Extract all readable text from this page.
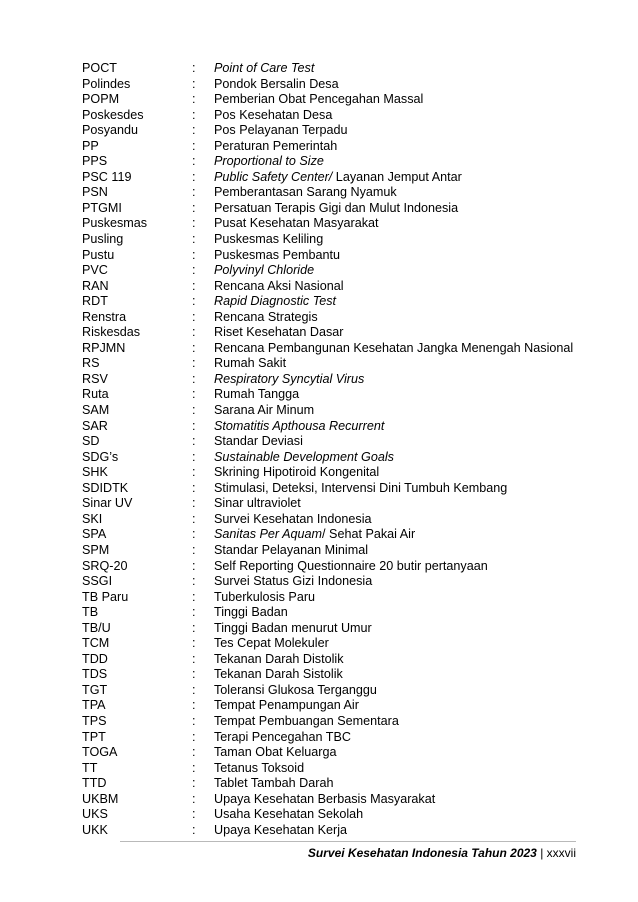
POCT	: Point of Care Test
Polindes	: Pondok Bersalin Desa
POPM	: Pemberian Obat Pencegahan Massal
Poskesdes	: Pos Kesehatan Desa
Posyandu	: Pos Pelayanan Terpadu
PP	: Peraturan Pemerintah
PPS	: Proportional to Size
PSC 119	: Public Safety Center/ Layanan Jemput Antar
PSN	: Pemberantasan Sarang Nyamuk
PTGMI	: Persatuan Terapis Gigi dan Mulut Indonesia
Puskesmas	: Pusat Kesehatan Masyarakat
Pusling	: Puskesmas Keliling
Pustu	: Puskesmas Pembantu
PVC	: Polyvinyl Chloride
RAN	: Rencana Aksi Nasional
RDT	: Rapid Diagnostic Test
Renstra	: Rencana Strategis
Riskesdas	: Riset Kesehatan Dasar
RPJMN	: Rencana Pembangunan Kesehatan Jangka Menengah Nasional
RS	: Rumah Sakit
RSV	: Respiratory Syncytial Virus
Ruta	: Rumah Tangga
SAM	: Sarana Air Minum
SAR	: Stomatitis Apthousa Recurrent
SD	: Standar Deviasi
SDG’s	: Sustainable Development Goals
SHK	: Skrining Hipotiroid Kongenital
SDIDTK	: Stimulasi, Deteksi, Intervensi Dini Tumbuh Kembang
Sinar UV	: Sinar ultraviolet
SKI	: Survei Kesehatan Indonesia
SPA	: Sanitas Per Aquam/ Sehat Pakai Air
SPM	: Standar Pelayanan Minimal
SRQ-20	: Self Reporting Questionnaire 20 butir pertanyaan
SSGI	: Survei Status Gizi Indonesia
TB Paru	: Tuberkulosis Paru
TB	: Tinggi Badan
TB/U	: Tinggi Badan menurut Umur
TCM	: Tes Cepat Molekuler
TDD	: Tekanan Darah Distolik
TDS	: Tekanan Darah Sistolik
TGT	: Toleransi Glukosa Terganggu
TPA	: Tempat Penampungan Air
TPS	: Tempat Pembuangan Sementara
TPT	: Terapi Pencegahan TBC
TOGA	: Taman Obat Keluarga
TT	: Tetanus Toksoid
TTD	: Tablet Tambah Darah
UKBM	: Upaya Kesehatan Berbasis Masyarakat
UKS	: Usaha Kesehatan Sekolah
UKK	: Upaya Kesehatan Kerja
Survei Kesehatan Indonesia Tahun 2023 | xxxvii
